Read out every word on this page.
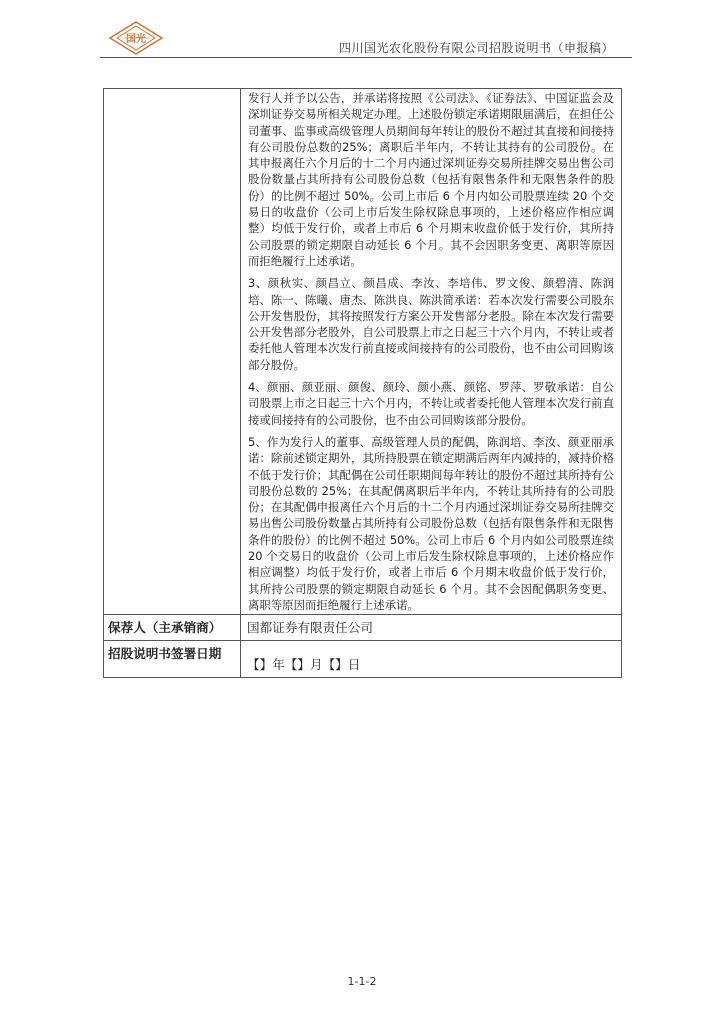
国光
四川国光农化股份有限公司招股说明书（申报稿）

	发行人并予以公告，并承诺将按照《公司法》、《证券法》、中国证监会及深圳证券交易所相关规定办理。上述股份锁定承诺期限届满后，在担任公司董事、监事或高级管理人员期间每年转让的股份不超过其直接和间接持有公司股份总数的25%；离职后半年内，不转让其持有的公司股份。在其申报离任六个月后的十二个月内通过深圳证券交易所挂牌交易出售公司股份数量占其所持有公司股份总数（包括有限售条件和无限售条件的股份）的比例不超过 50%。公司上市后 6 个月内如公司股票连续 20 个交易日的收盘价（公司上市后发生除权除息事项的，上述价格应作相应调整）均低于发行价，或者上市后 6 个月期末收盘价低于发行价，其所持公司股票的锁定期限自动延长 6 个月。其不会因职务变更、离职等原因而拒绝履行上述承诺。

3、颜秋实、颜昌立、颜昌成、李汝、李培伟、罗文俊、颜碧清、陈润培、陈一、陈曦、唐杰、陈洪良、陈洪简承诺：若本次发行需要公司股东公开发售股份，其将按照发行方案公开发售部分老股。除在本次发行需要公开发售部分老股外，自公司股票上市之日起三十六个月内，不转让或者委托他人管理本次发行前直接或间接持有的公司股份，也不由公司回购该部分股份。

4、颜丽、颜亚丽、颜俊、颜玲、颜小燕、颜铭、罗萍、罗敬承诺：自公司股票上市之日起三十六个月内，不转让或者委托他人管理本次发行前直接或间接持有的公司股份，也不由公司回购该部分股份。

5、作为发行人的董事、高级管理人员的配偶，陈润培、李汝、颜亚丽承诺：除前述锁定期外，其所持股票在锁定期满后两年内减持的，减持价格不低于发行价；其配偶在公司任职期间每年转让的股份不超过其所持有公司股份总数的 25%；在其配偶离职后半年内，不转让其所持有的公司股份；在其配偶申报离任六个月后的十二个月内通过深圳证券交易所挂牌交易出售公司股份数量占其所持有公司股份总数（包括有限售条件和无限售条件的股份）的比例不超过 50%。公司上市后 6 个月内如公司股票连续 20 个交易日的收盘价（公司上市后发生除权除息事项的，上述价格应作相应调整）均低于发行价，或者上市后 6 个月期末收盘价低于发行价，其所持公司股票的锁定期限自动延长 6 个月。其不会因配偶职务变更、离职等原因而拒绝履行上述承诺。

保荐人（主承销商）	国都证券有限责任公司
招股说明书签署日期	【】年【】月【】日
1-1-2
